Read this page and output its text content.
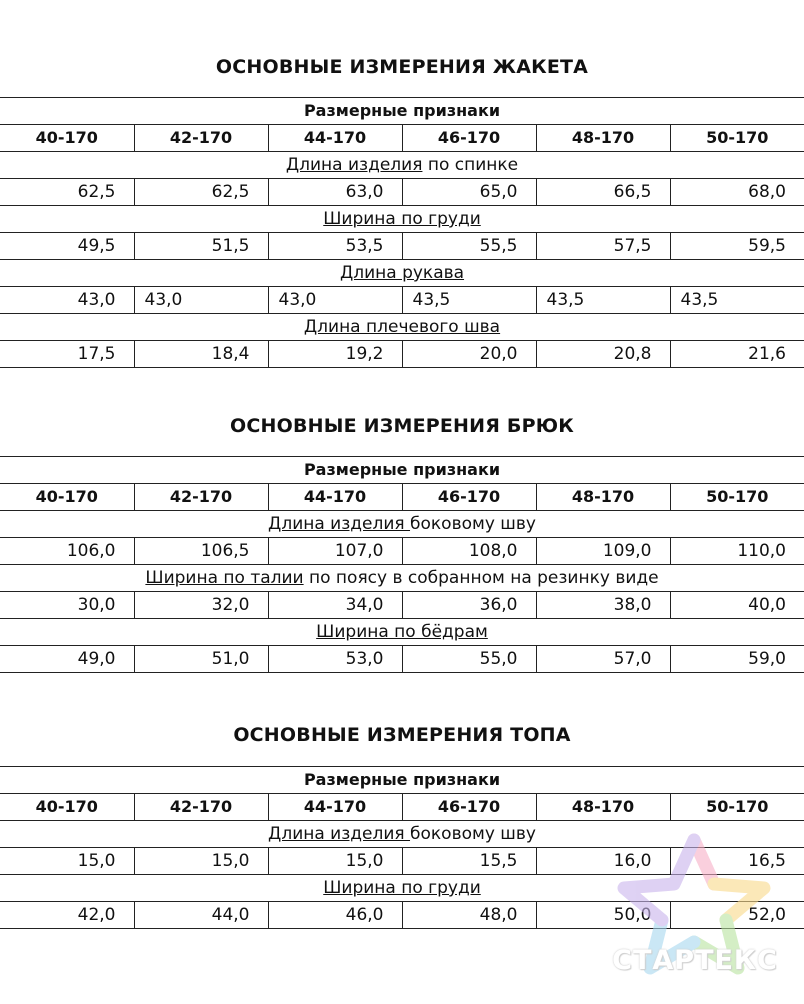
ОСНОВНЫЕ ИЗМЕРЕНИЯ ЖАКЕТА
Размерные признаки					
40-170	42-170	44-170	46-170	48-170	50-170
Длина изделия по спинке					
62,5	62,5	63,0	65,0	66,5	68,0
Ширина по груди					
49,5	51,5	53,5	55,5	57,5	59,5
Длина рукава					
43,0	43,0	43,0	43,5	43,5	43,5
Длина плечевого шва					
17,5	18,4	19,2	20,0	20,8	21,6
ОСНОВНЫЕ ИЗМЕРЕНИЯ БРЮК
Размерные признаки					
40-170	42-170	44-170	46-170	48-170	50-170
Длина изделия боковому шву					
106,0	106,5	107,0	108,0	109,0	110,0
Ширина по талии по поясу в собранном на резинку виде					
30,0	32,0	34,0	36,0	38,0	40,0
Ширина по бёдрам					
49,0	51,0	53,0	55,0	57,0	59,0
ОСНОВНЫЕ ИЗМЕРЕНИЯ ТОПА
Размерные признаки					
40-170	42-170	44-170	46-170	48-170	50-170
Длина изделия боковому шву					
15,0	15,0	15,0	15,5	16,0	16,5
Ширина по груди					
42,0	44,0	46,0	48,0	50,0	52,0
СТАРТЕКС
